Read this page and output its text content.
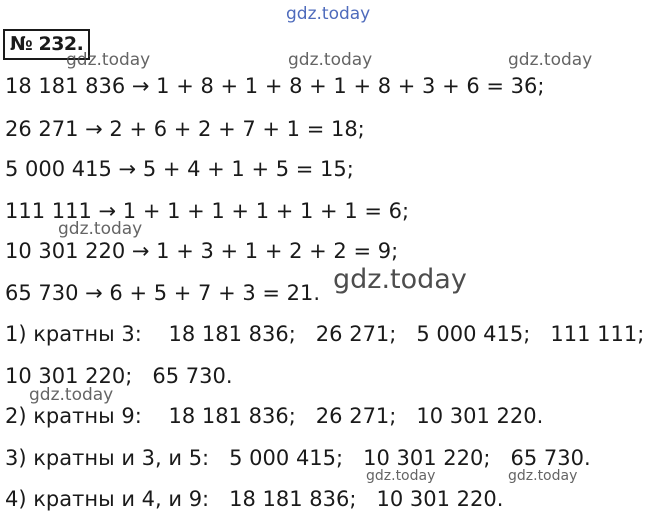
№ 232.
18 181 836 → 1 + 8 + 1 + 8 + 1 + 8 + 3 + 6 = 36;
26 271 → 2 + 6 + 2 + 7 + 1 = 18;
5 000 415 → 5 + 4 + 1 + 5 = 15;
111 111 → 1 + 1 + 1 + 1 + 1 + 1 = 6;
10 301 220 → 1 + 3 + 1 + 2 + 2 = 9;
65 730 → 6 + 5 + 7 + 3 = 21.
1) кратны 3:    18 181 836;   26 271;   5 000 415;   111 111;
10 301 220;   65 730.
2) кратны 9:    18 181 836;   26 271;   10 301 220.
3) кратны и 3, и 5:   5 000 415;   10 301 220;   65 730.
4) кратны и 4, и 9:   18 181 836;   10 301 220.
gdz.today
gdz.today	gdz.today	gdz.today
gdz.today
gdz.today
gdz.today
gdz.today	gdz.today
